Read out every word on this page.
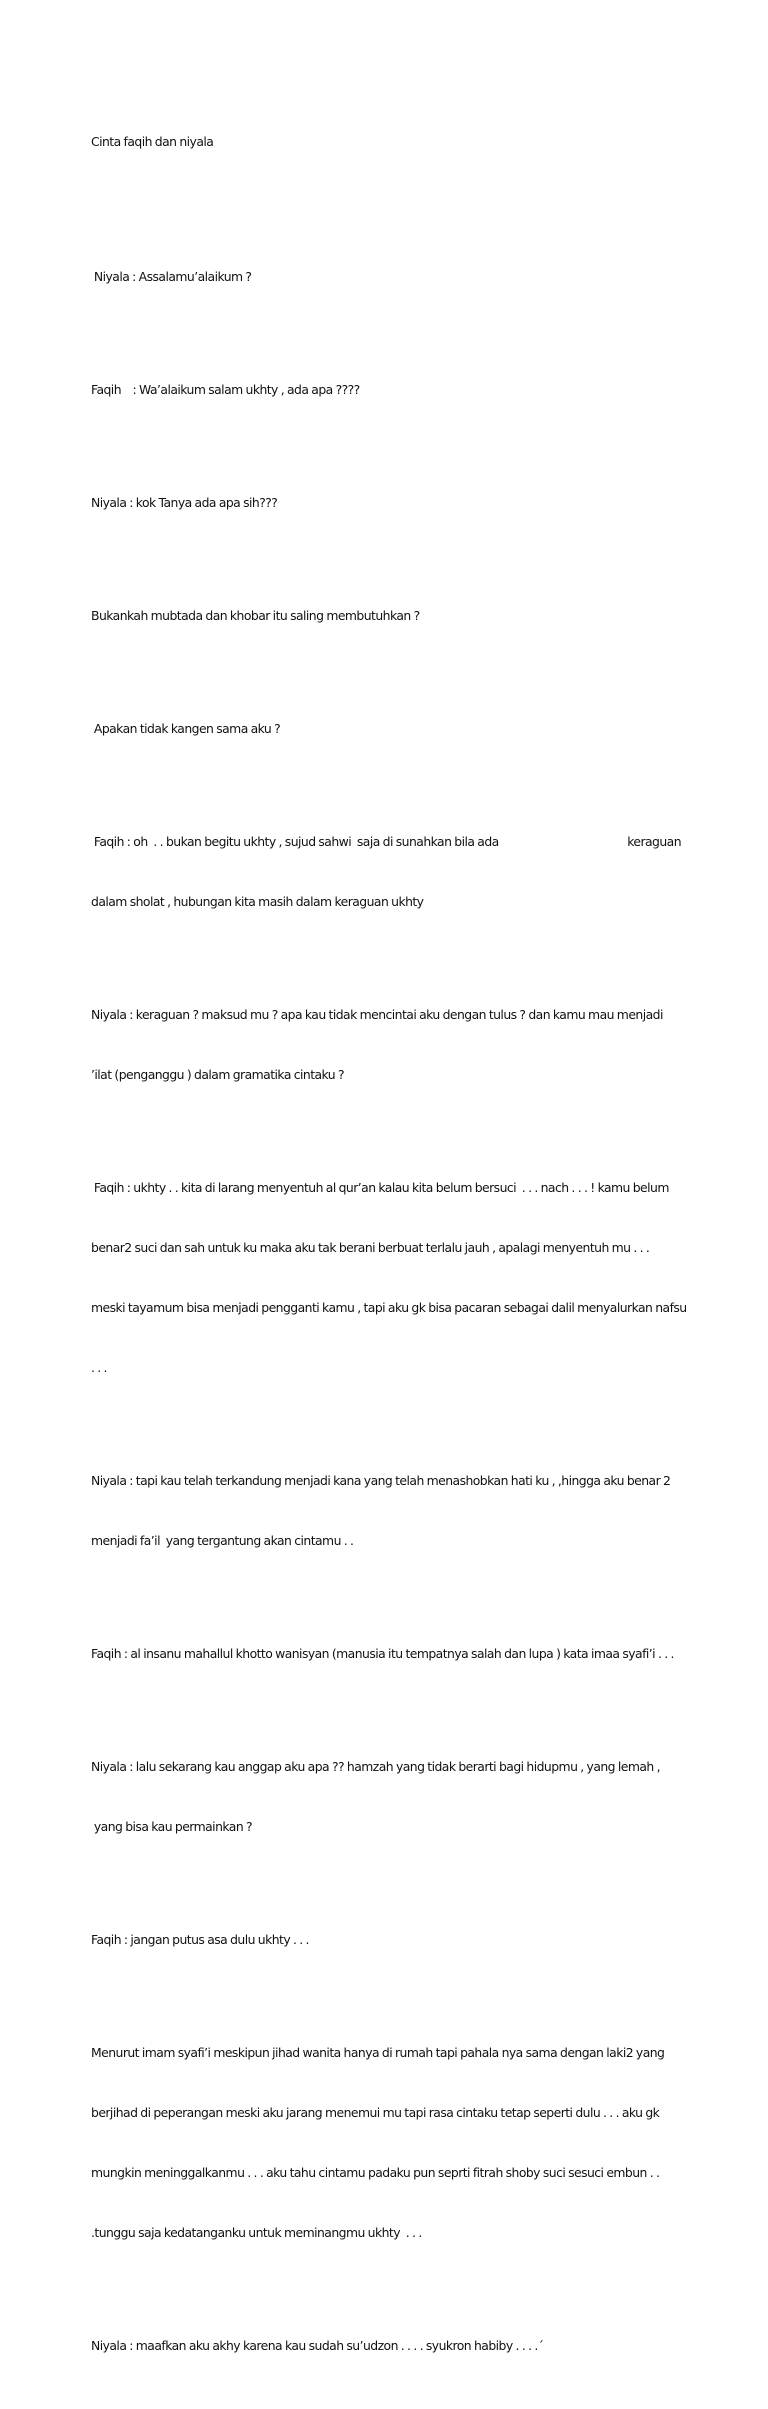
Cinta faqih dan niyala

Niyala : Assalamu’alaikum ?

Faqih    : Wa’alaikum salam ukhty , ada apa ????

Niyala : kok Tanya ada apa sih???

Bukankah mubtada dan khobar itu saling membutuhkan ?

Apakan tidak kangen sama aku ?

Faqih : oh  . . bukan begitu ukhty , sujud sahwi  saja di sunahkan bila ada	keraguan

dalam sholat , hubungan kita masih dalam keraguan ukhty

Niyala : keraguan ? maksud mu ? apa kau tidak mencintai aku dengan tulus ? dan kamu mau menjadi

’ilat (penganggu ) dalam gramatika cintaku ?

Faqih : ukhty . . kita di larang menyentuh al qur’an kalau kita belum bersuci  . . . nach . . . ! kamu belum

benar2 suci dan sah untuk ku maka aku tak berani berbuat terlalu jauh , apalagi menyentuh mu . . .

meski tayamum bisa menjadi pengganti kamu , tapi aku gk bisa pacaran sebagai dalil menyalurkan nafsu

. . .

Niyala : tapi kau telah terkandung menjadi kana yang telah menashobkan hati ku , ,hingga aku benar 2

menjadi fa’il  yang tergantung akan cintamu . .

Faqih : al insanu mahallul khotto wanisyan (manusia itu tempatnya salah dan lupa ) kata imaa syafi’i . . .

Niyala : lalu sekarang kau anggap aku apa ?? hamzah yang tidak berarti bagi hidupmu , yang lemah ,

yang bisa kau permainkan ?

Faqih : jangan putus asa dulu ukhty . . .

Menurut imam syafi’i meskipun jihad wanita hanya di rumah tapi pahala nya sama dengan laki2 yang

berjihad di peperangan meski aku jarang menemui mu tapi rasa cintaku tetap seperti dulu . . . aku gk

mungkin meninggalkanmu . . . aku tahu cintamu padaku pun seprti fitrah shoby suci sesuci embun . .

.tunggu saja kedatanganku untuk meminangmu ukhty  . . .

Niyala : maafkan aku akhy karena kau sudah su’udzon . . . . syukron habiby . . . .´
